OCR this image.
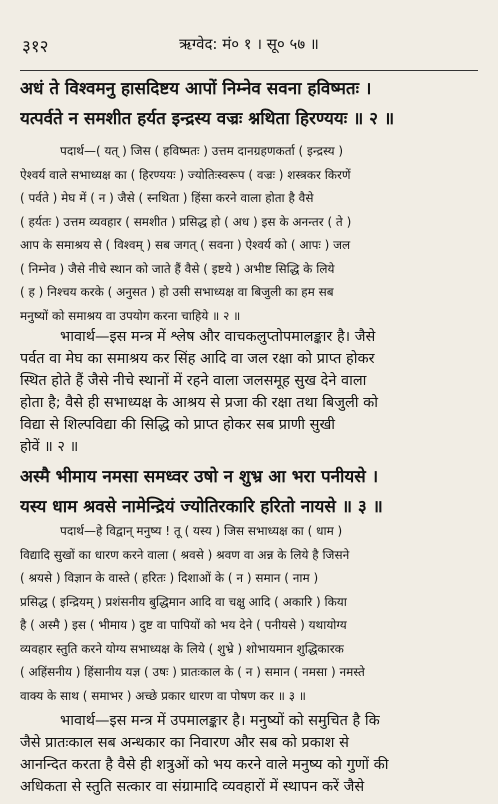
३१२	ऋग्वेद: मं० १ । सू० ५७ ॥
अधं ते विश्वमनु हासदिष्टय आपों निम्नेव सवना हविष्मतः ।
यत्पर्वते न समशीत हर्यत इन्द्रस्य वज्रः श्नथिता हिरण्ययः ॥ २ ॥
पदार्थ—( यत् ) जिस ( हविष्मतः ) उत्तम दानग्रहणकर्ता ( इन्द्रस्य )
ऐश्वर्य वाले सभाध्यक्ष का ( हिरण्ययः ) ज्योतिःस्वरूप ( वज्रः ) शस्त्रकर किरणें
( पर्वते ) मेघ में ( न ) जैसे ( स्नथिता ) हिंसा करने वाला होता है वैसे
( हर्यतः ) उत्तम व्यवहार ( समशीत ) प्रसिद्ध हो ( अध ) इस के अनन्तर ( ते )
आप के समाश्रय से ( विश्वम् ) सब जगत् ( सवना ) ऐश्वर्य को ( आपः ) जल
( निम्नेव ) जैसे नीचे स्थान को जाते हैं वैसे ( इष्टये ) अभीष्ट सिद्धि के लिये
( ह ) निश्चय करके ( अनुसत ) हो उसी सभाध्यक्ष वा बिजुली का हम सब
मनुष्यों को समाश्रय वा उपयोग करना चाहिये ॥ २ ॥
भावार्थ—इस मन्त्र में श्लेष और वाचकलुप्तोपमालङ्कार है। जैसे
पर्वत वा मेघ का समाश्रय कर सिंह आदि वा जल रक्षा को प्राप्त होकर
स्थित होते हैं जैसे नीचे स्थानों में रहने वाला जलसमूह सुख देने वाला
होता है; वैसे ही सभाध्यक्ष के आश्रय से प्रजा की रक्षा तथा बिजुली को
विद्या से शिल्पविद्या की सिद्धि को प्राप्त होकर सब प्राणी सुखी
होवें ॥ २ ॥
अस्मै भीमाय नमसा समध्वर उषो न शुभ्र आ भरा पनीयसे ।
यस्य धाम श्रवसे नामेन्द्रियं ज्योतिरकारि हरितो नायसे ॥ ३ ॥
पदार्थ—हे विद्वान् मनुष्य ! तू ( यस्य ) जिस सभाध्यक्ष का ( धाम )
विद्यादि सुखों का धारण करने वाला ( श्रवसे ) श्रवण वा अन्न के लिये है जिसने
( श्रयसे ) विज्ञान के वास्ते ( हरितः ) दिशाओं के ( न ) समान ( नाम )
प्रसिद्ध ( इन्द्रियम् ) प्रशंसनीय बुद्धिमान आदि वा चक्षु आदि ( अकारि ) किया
है ( अस्मै ) इस ( भीमाय ) दुष्ट वा पापियों को भय देने ( पनीयसे ) यथायोग्य
व्यवहार स्तुति करने योग्य सभाध्यक्ष के लिये ( शुभ्रे ) शोभायमान शुद्धिकारक
( अहिंसनीय ) हिंसानीय यज्ञ ( उषः ) प्रातःकाल के ( न ) समान ( नमसा ) नमस्ते
वाक्य के साथ ( समाभर ) अच्छे प्रकार धारण वा पोषण कर ॥ ३ ॥
भावार्थ—इस मन्त्र में उपमालङ्कार है। मनुष्यों को समुचित है कि
जैसे प्रातःकाल सब अन्धकार का निवारण और सब को प्रकाश से
आनन्दित करता है वैसे ही शत्रुओं को भय करने वाले मनुष्य को गुणों की
अधिकता से स्तुति सत्कार वा संग्रामादि व्यवहारों में स्थापन करें जैसे
